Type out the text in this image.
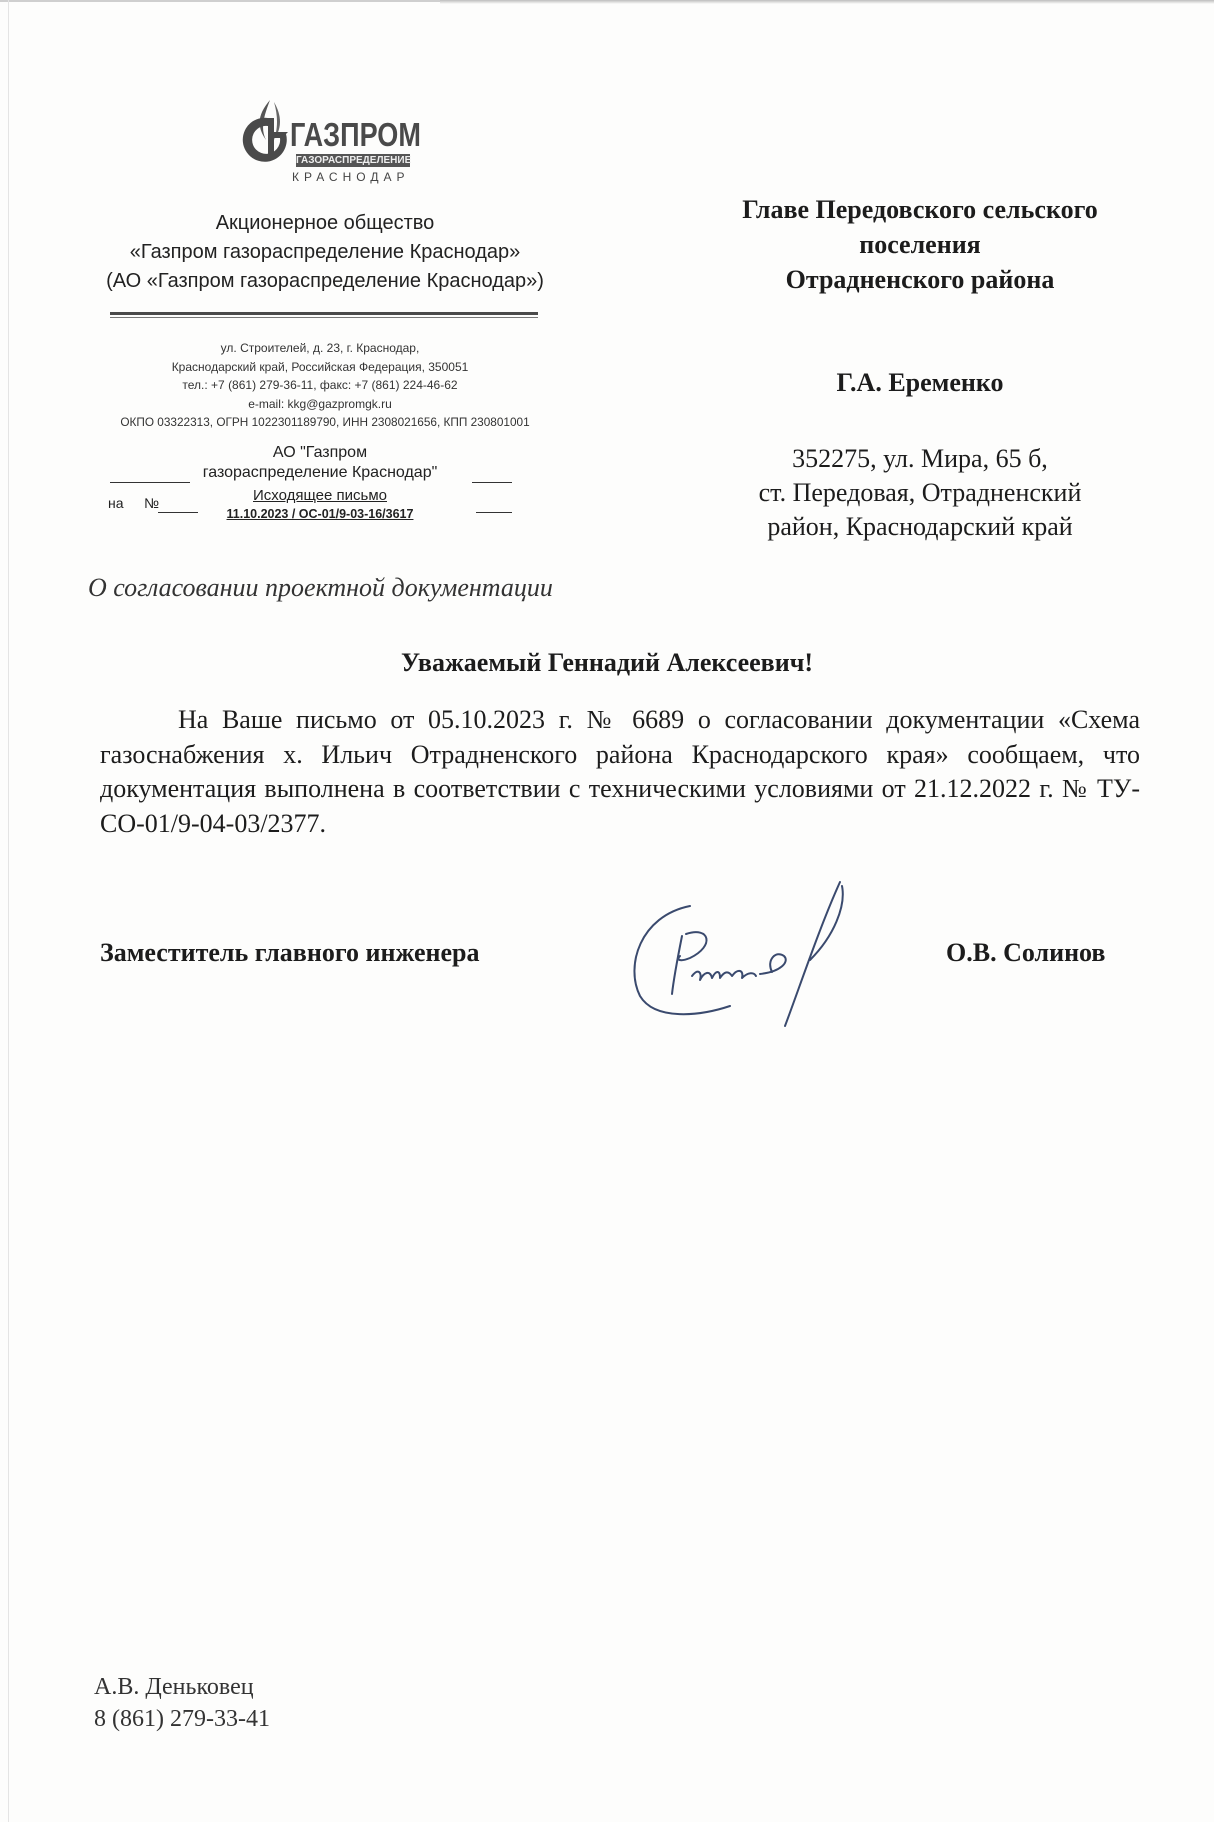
ГАЗПРОМ
ГАЗОРАСПРЕДЕЛЕНИЕ
КРАСНОДАР
Акционерное общество
«Газпром газораспределение Краснодар»
(АО «Газпром газораспределение Краснодар»)
ул. Строителей, д. 23, г. Краснодар,
Краснодарский край, Российская Федерация, 350051
тел.: +7 (861) 279-36-11, факс: +7 (861) 224-46-62
e-mail: kkg@gazpromgk.ru
ОКПО 03322313, ОГРН 1022301189790, ИНН 2308021656, КПП 230801001
АО "Газпром
газораспределение Краснодар"
Исходящее письмо
на №
11.10.2023 / ОС-01/9-03-16/3617
Главе Передовского сельского
поселения
Отрадненского района
Г.А. Еременко
352275, ул. Мира, 65 б,
ст. Передовая, Отрадненский
район, Краснодарский край
О согласовании проектной документации
Уважаемый Геннадий Алексеевич!
На Ваше письмо от 05.10.2023 г. № 6689 о согласовании документации «Схема газоснабжения х. Ильич Отрадненского района Краснодарского края» сообщаем, что документация выполнена в соответствии с техническими условиями от 21.12.2022 г. № ТУ-СО-01/9-04-03/2377.
Заместитель главного инженера	О.В. Солинов
А.В. Деньковец
8 (861) 279-33-41
